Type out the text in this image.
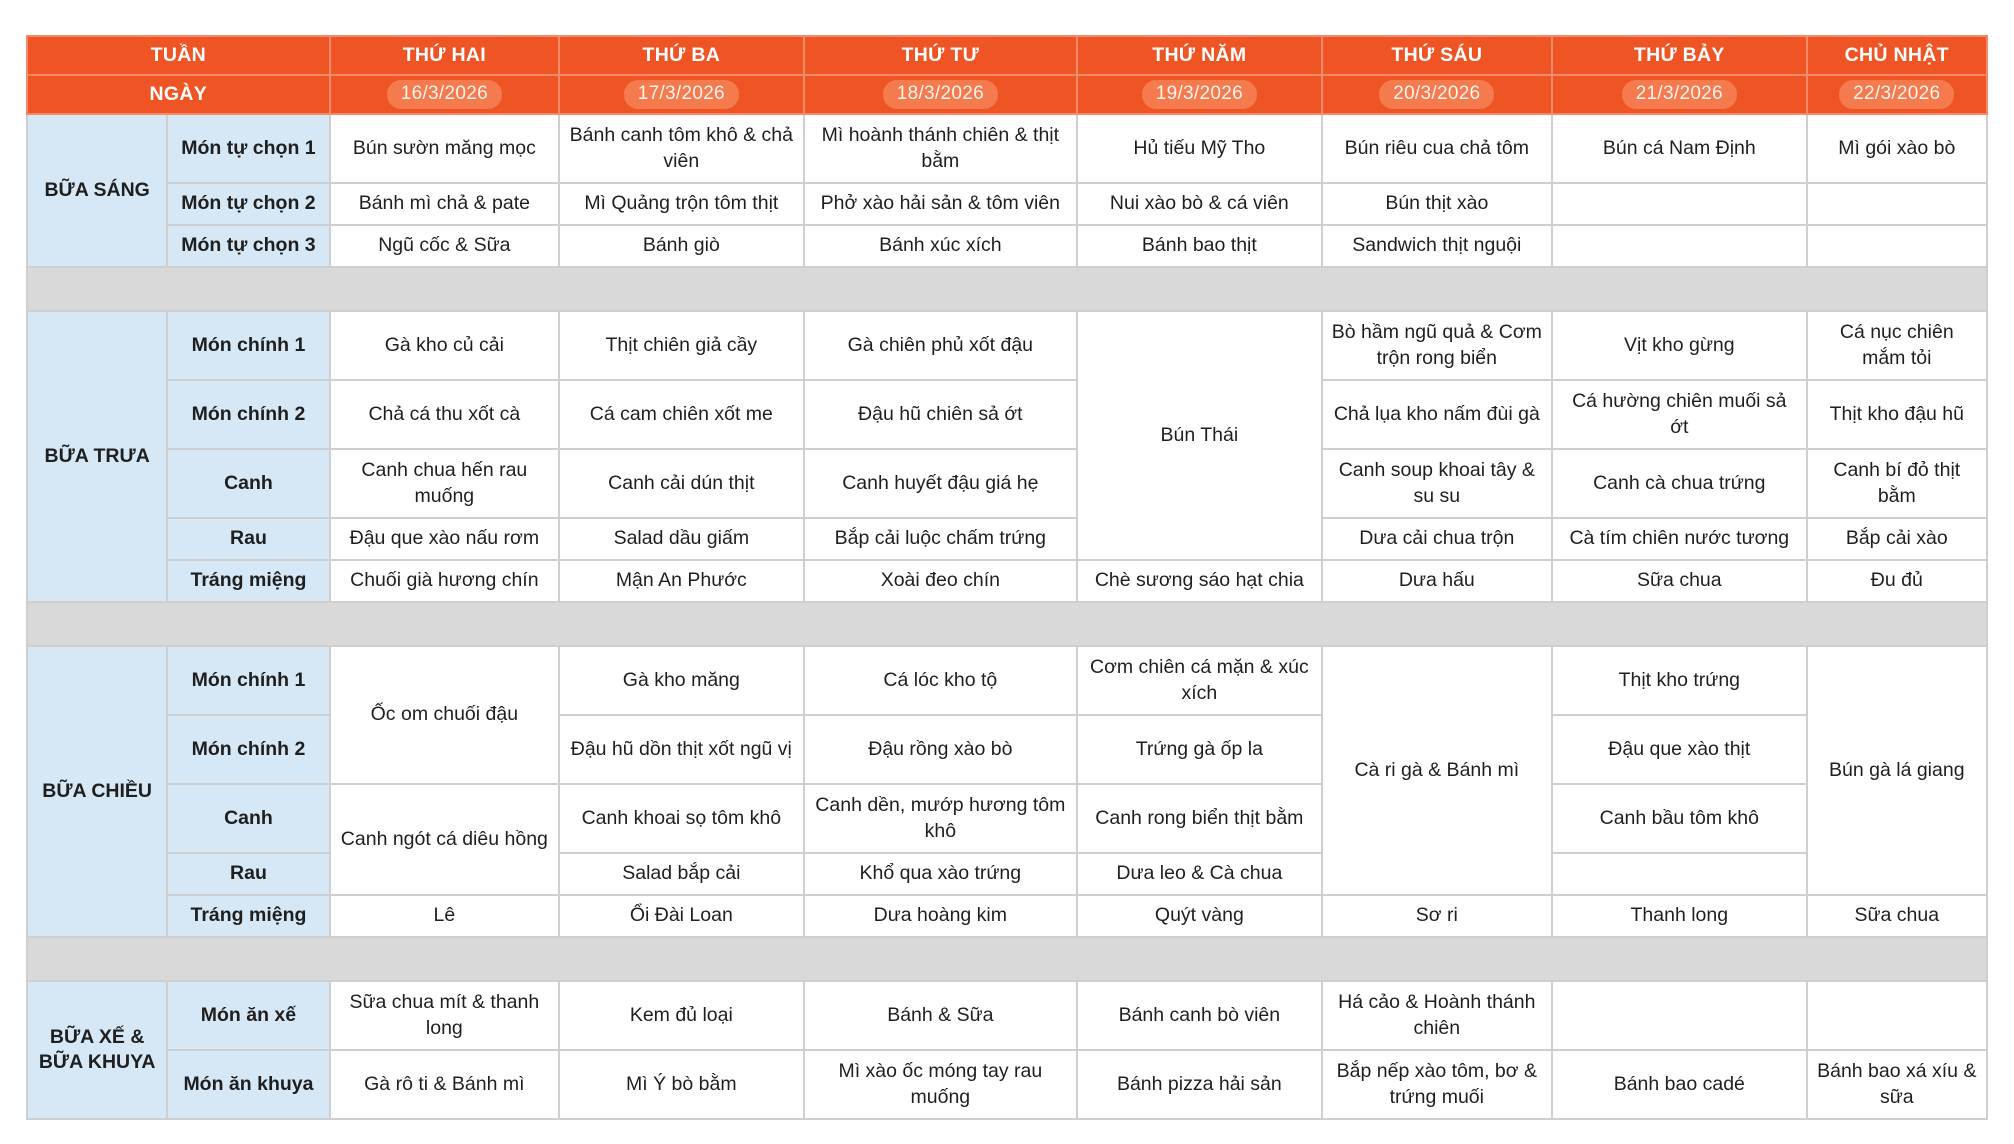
TUẦN		THỨ HAI	THỨ BA	THỨ TƯ	THỨ NĂM	THỨ SÁU	THỨ BẢY	CHỦ NHẬT
NGÀY		16/3/2026	17/3/2026	18/3/2026	19/3/2026	20/3/2026	21/3/2026	22/3/2026
BỮA SÁNG	Món tự chọn 1	Bún sườn măng mọc	Bánh canh tôm khô & chả viên	Mì hoành thánh chiên & thịt bằm	Hủ tiếu Mỹ Tho	Bún riêu cua chả tôm	Bún cá Nam Định	Mì gói xào bò
	Món tự chọn 2	Bánh mì chả & pate	Mì Quảng trộn tôm thịt	Phở xào hải sản & tôm viên	Nui xào bò & cá viên	Bún thịt xào		
	Món tự chọn 3	Ngũ cốc & Sữa	Bánh giò	Bánh xúc xích	Bánh bao thịt	Sandwich thịt nguội		

BỮA TRƯA	Món chính 1	Gà kho củ cải	Thịt chiên giả cầy	Gà chiên phủ xốt đậu	Bún Thái	Bò hầm ngũ quả & Cơm trộn rong biển	Vịt kho gừng	Cá nục chiên mắm tỏi
	Món chính 2	Chả cá thu xốt cà	Cá cam chiên xốt me	Đậu hũ chiên sả ớt		Chả lụa kho nấm đùi gà	Cá hường chiên muối sả ớt	Thịt kho đậu hũ
	Canh	Canh chua hến rau muống	Canh cải dún thịt	Canh huyết đậu giá hẹ		Canh soup khoai tây & su su	Canh cà chua trứng	Canh bí đỏ thịt bằm
	Rau	Đậu que xào nấu rơm	Salad dầu giấm	Bắp cải luộc chấm trứng		Dưa cải chua trộn	Cà tím chiên nước tương	Bắp cải xào
	Tráng miệng	Chuối già hương chín	Mận An Phước	Xoài đeo chín	Chè sương sáo hạt chia	Dưa hấu	Sữa chua	Đu đủ

BỮA CHIỀU	Món chính 1	Ốc om chuối đậu	Gà kho măng	Cá lóc kho tộ	Cơm chiên cá mặn & xúc xích	Cà ri gà & Bánh mì	Thịt kho trứng	Bún gà lá giang
	Món chính 2		Đậu hũ dồn thịt xốt ngũ vị	Đậu rồng xào bò	Trứng gà ốp la		Đậu que xào thịt	
	Canh	Canh ngót cá diêu hồng	Canh khoai sọ tôm khô	Canh dền, mướp hương tôm khô	Canh rong biển thịt bằm		Canh bầu tôm khô	
	Rau		Salad bắp cải	Khổ qua xào trứng	Dưa leo & Cà chua			
	Tráng miệng	Lê	Ổi Đài Loan	Dưa hoàng kim	Quýt vàng	Sơ ri	Thanh long	Sữa chua

BỮA XẾ &
BỮA KHUYA	Món ăn xế	Sữa chua mít & thanh long	Kem đủ loại	Bánh & Sữa	Bánh canh bò viên	Há cảo & Hoành thánh chiên		
	Món ăn khuya	Gà rô ti & Bánh mì	Mì Ý bò bằm	Mì xào ốc móng tay rau muống	Bánh pizza hải sản	Bắp nếp xào tôm, bơ & trứng muối	Bánh bao cadé	Bánh bao xá xíu & sữa
